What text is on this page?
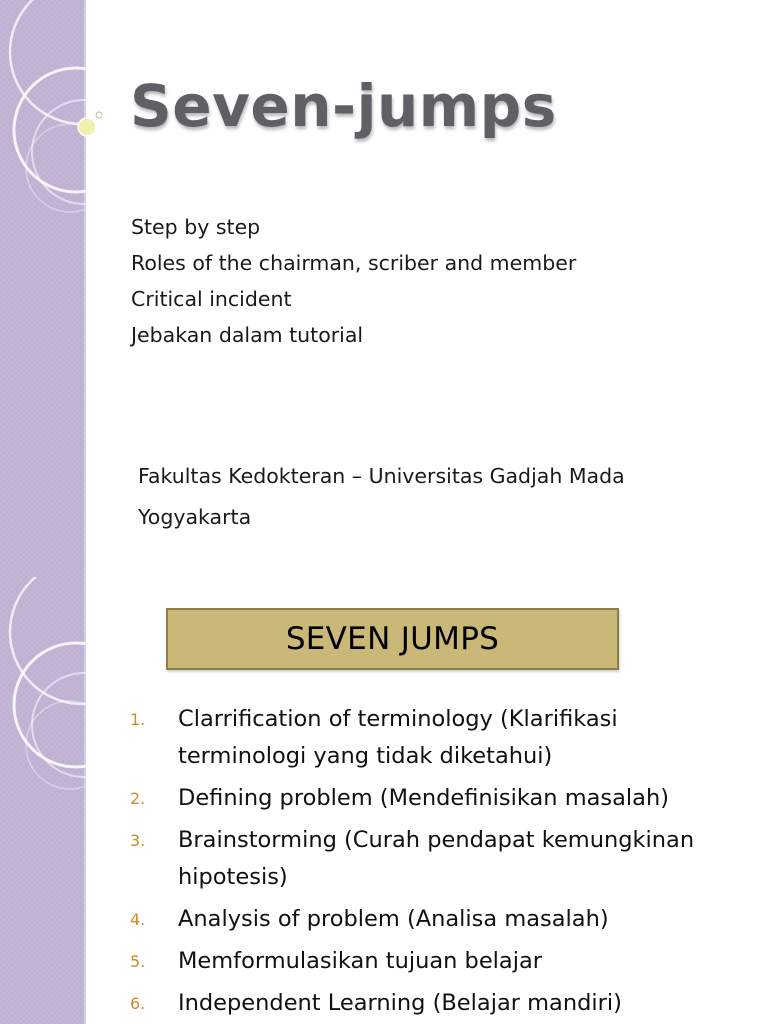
Seven-jumps
Step by step
Roles of the chairman, scriber and member
Critical incident
Jebakan dalam tutorial
Fakultas Kedokteran – Universitas Gadjah Mada
Yogyakarta
SEVEN JUMPS
1.	Clarrification of terminology (Klarifikasi terminologi yang tidak diketahui)
2.	Defining problem (Mendefinisikan masalah)
3.	Brainstorming (Curah pendapat kemungkinan hipotesis)
4.	Analysis of problem (Analisa masalah)
5.	Memformulasikan tujuan belajar
6.	Independent Learning (Belajar mandiri)
